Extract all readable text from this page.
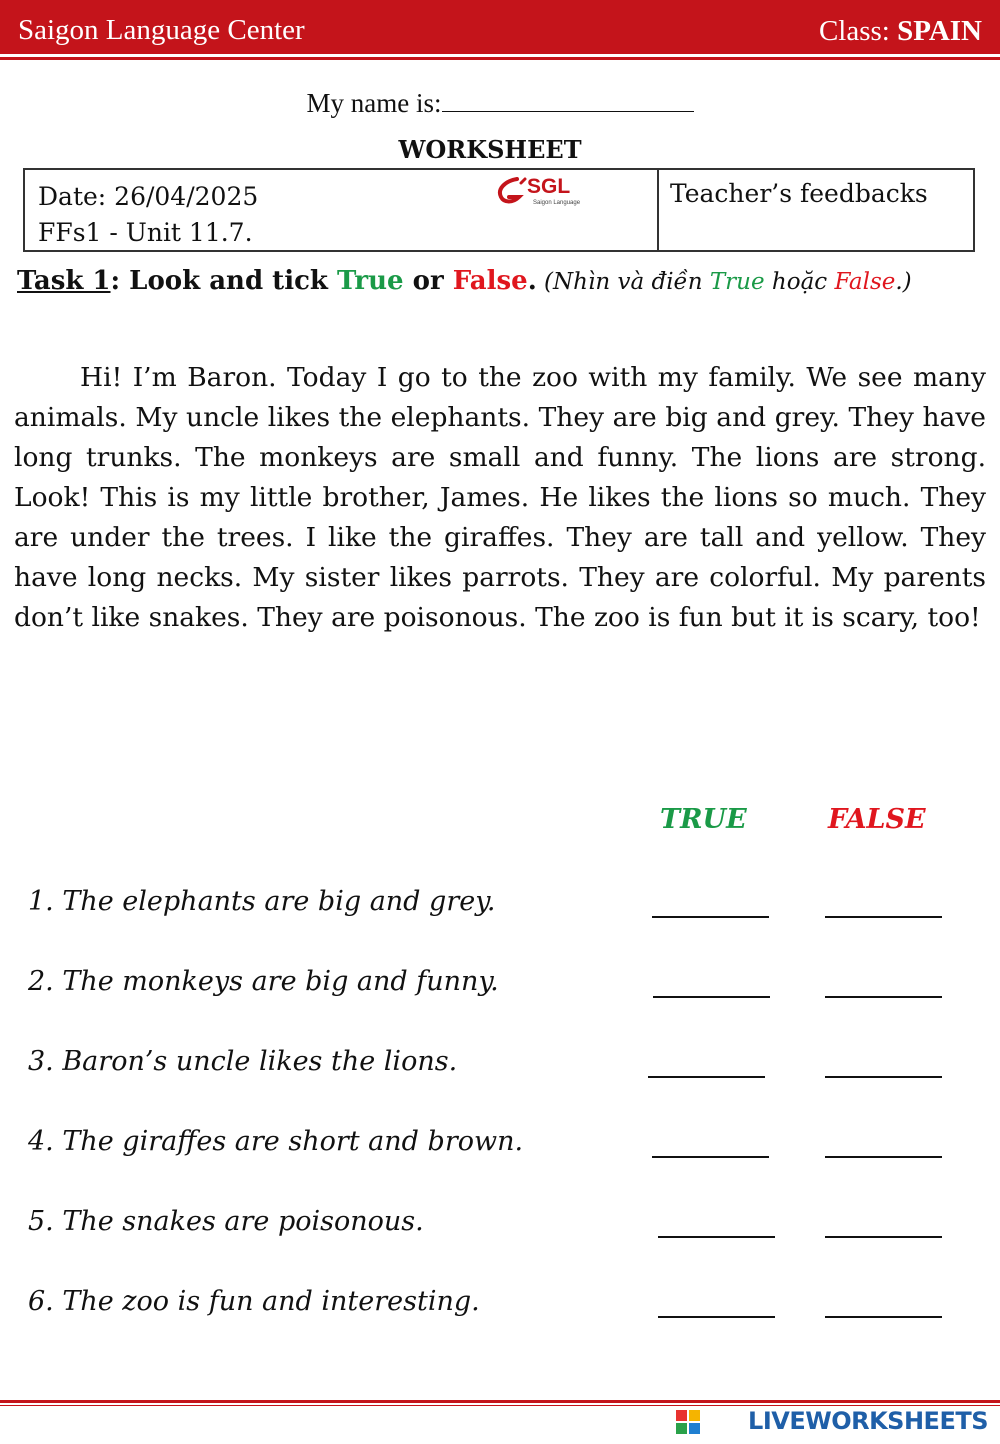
Saigon Language Center	Class: SPAIN
My name is:
WORKSHEET
Date: 26/04/2025
FFs1 - Unit 11.7.
SGL
Saigon Language	Teacher’s feedbacks
Task 1: Look and tick True or False. (Nhìn và điền True hoặc False.)

Hi! I’m Baron. Today I go to the zoo with my family. We see many animals. My uncle likes the elephants. They are big and grey. They have long trunks. The monkeys are small and funny. The lions are strong. Look! This is my little brother, James. He likes the lions so much. They are under the trees. I like the giraffes. They are tall and yellow. They have long necks. My sister likes parrots. They are colorful. My parents don’t like snakes. They are poisonous. The zoo is fun but it is scary, too!

TRUE	FALSE
1. The elephants are big and grey.
2. The monkeys are big and funny.
3. Baron’s uncle likes the lions.
4. The giraffes are short and brown.
5. The snakes are poisonous.
6. The zoo is fun and interesting.
LIVEWORKSHEETS
